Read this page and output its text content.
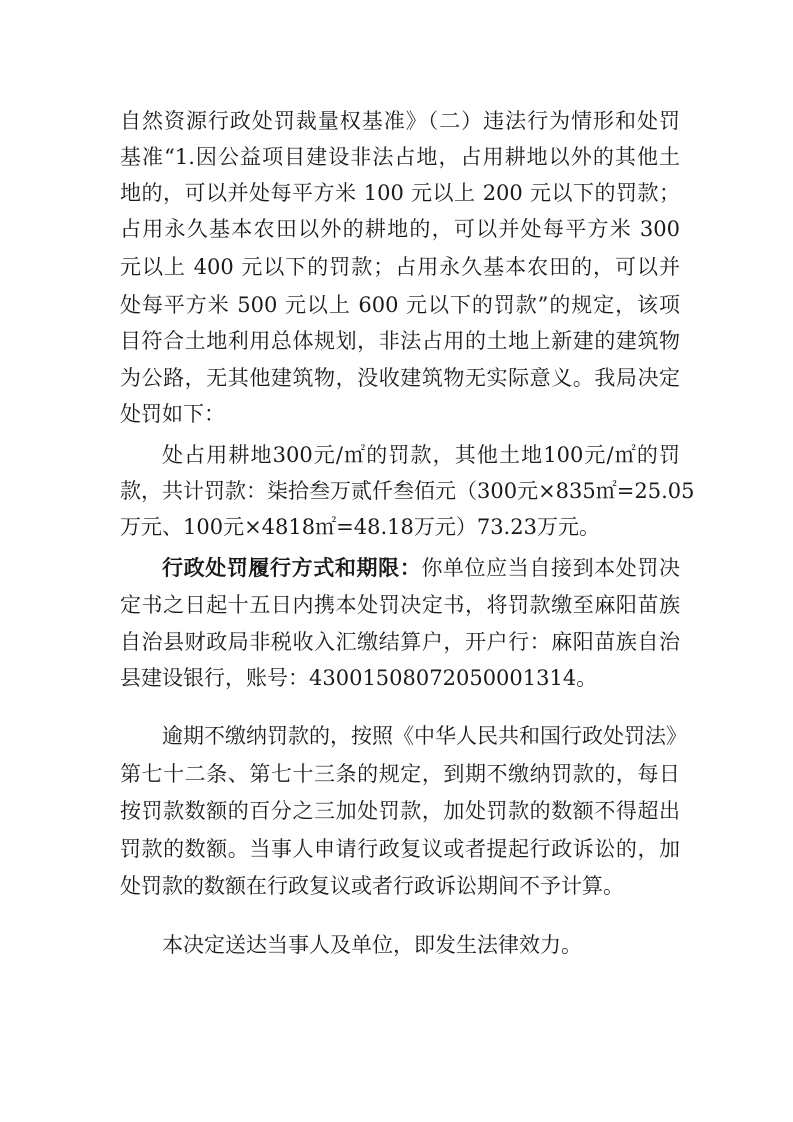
自然资源行政处罚裁量权基准》（二）违法行为情形和处罚
基准“1.因公益项目建设非法占地，占用耕地以外的其他土
地的，可以并处每平方米 100 元以上 200 元以下的罚款；
占用永久基本农田以外的耕地的，可以并处每平方米 300
元以上 400 元以下的罚款；占用永久基本农田的，可以并
处每平方米 500 元以上 600 元以下的罚款”的规定，该项
目符合土地利用总体规划，非法占用的土地上新建的建筑物
为公路，无其他建筑物，没收建筑物无实际意义。我局决定
处罚如下：
处占用耕地300元/㎡的罚款，其他土地100元/㎡的罚
款，共计罚款：柒拾叁万贰仟叁佰元（300元×835㎡=25.05
万元、100元×4818㎡=48.18万元）73.23万元。
行政处罚履行方式和期限：你单位应当自接到本处罚决
定书之日起十五日内携本处罚决定书，将罚款缴至麻阳苗族
自治县财政局非税收入汇缴结算户，开户行：麻阳苗族自治
县建设银行，账号：43001508072050001314。
逾期不缴纳罚款的，按照《中华人民共和国行政处罚法》
第七十二条、第七十三条的规定，到期不缴纳罚款的，每日
按罚款数额的百分之三加处罚款，加处罚款的数额不得超出
罚款的数额。当事人申请行政复议或者提起行政诉讼的，加
处罚款的数额在行政复议或者行政诉讼期间不予计算。
本决定送达当事人及单位，即发生法律效力。
